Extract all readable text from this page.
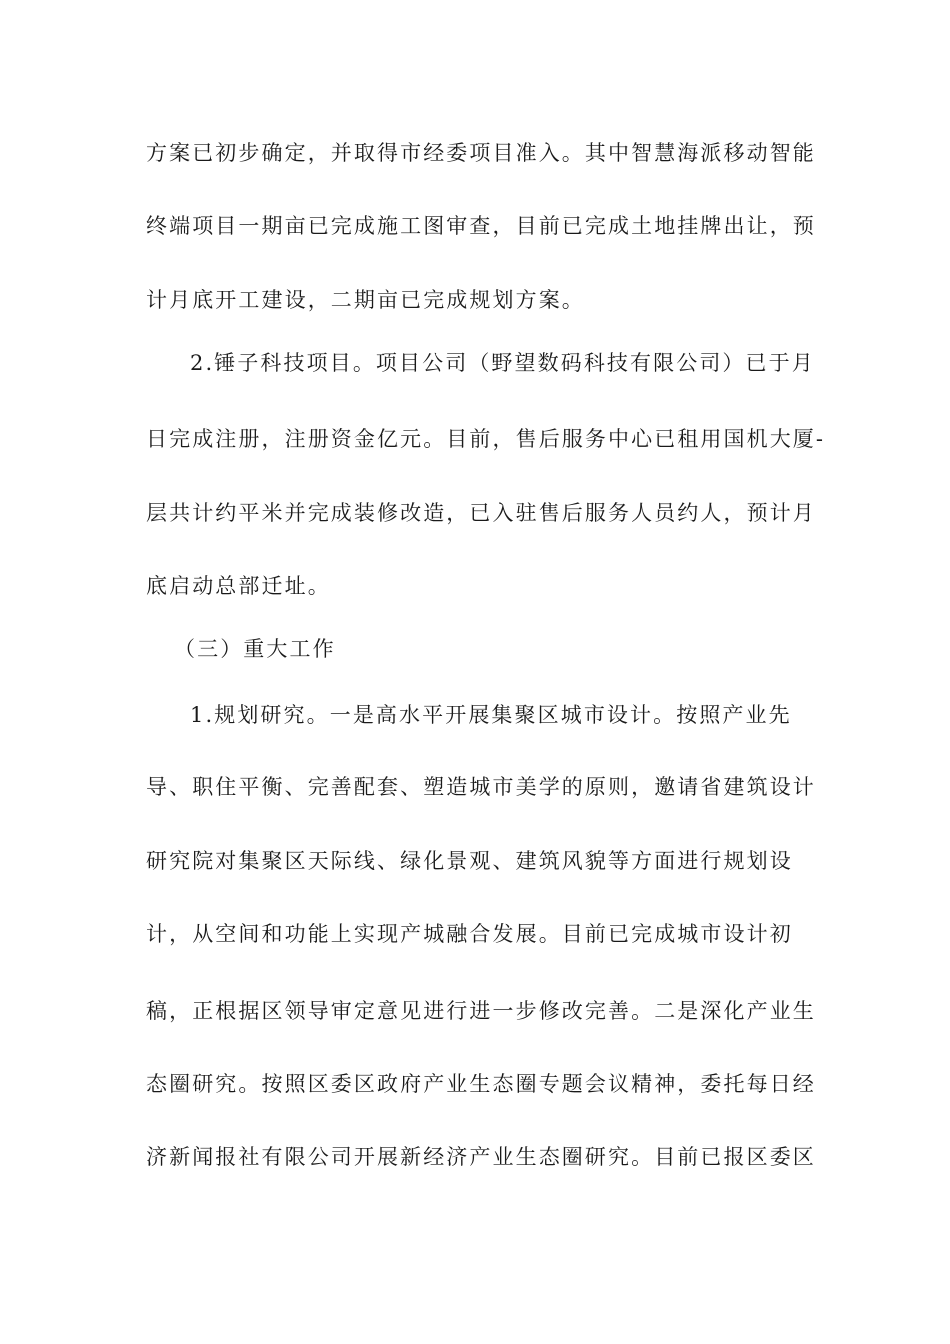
方案已初步确定，并取得市经委项目准入。其中智慧海派移动智能
终端项目一期亩已完成施工图审查，目前已完成土地挂牌出让，预
计月底开工建设，二期亩已完成规划方案。
2.锤子科技项目。项目公司（野望数码科技有限公司）已于月
日完成注册，注册资金亿元。目前，售后服务中心已租用国机大厦-
层共计约平米并完成装修改造，已入驻售后服务人员约人，预计月
底启动总部迁址。
（三）重大工作
1.规划研究。一是高水平开展集聚区城市设计。按照产业先
导、职住平衡、完善配套、塑造城市美学的原则，邀请省建筑设计
研究院对集聚区天际线、绿化景观、建筑风貌等方面进行规划设
计，从空间和功能上实现产城融合发展。目前已完成城市设计初
稿，正根据区领导审定意见进行进一步修改完善。二是深化产业生
态圈研究。按照区委区政府产业生态圈专题会议精神，委托每日经
济新闻报社有限公司开展新经济产业生态圈研究。目前已报区委区
